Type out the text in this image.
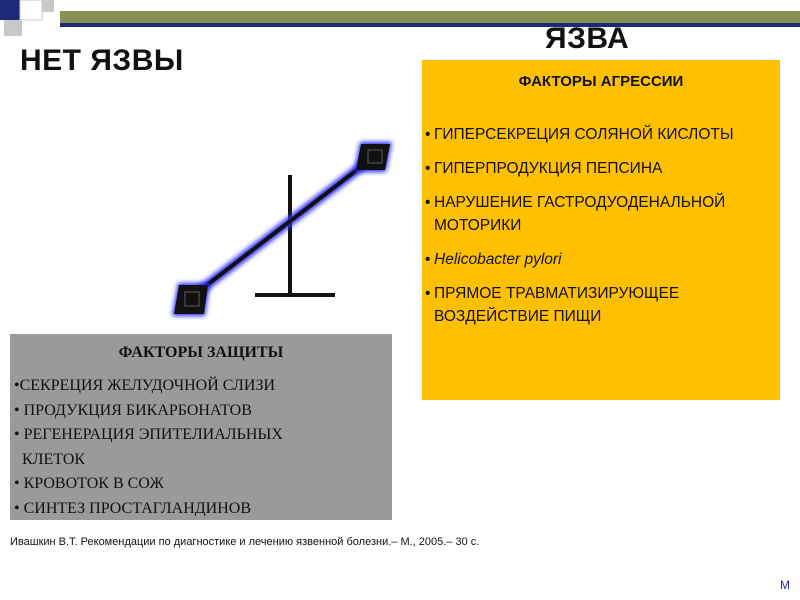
НЕТ ЯЗВЫ
ЯЗВА
ФАКТОРЫ АГРЕССИИ
• ГИПЕРСЕКРЕЦИЯ СОЛЯНОЙ КИСЛОТЫ
• ГИПЕРПРОДУКЦИЯ ПЕПСИНА
• НАРУШЕНИЕ ГАСТРОДУОДЕНАЛЬНОЙ МОТОРИКИ
• Helicobacter pylori
• ПРЯМОЕ ТРАВМАТИЗИРУЮЩЕЕ ВОЗДЕЙСТВИЕ ПИЩИ
ФАКТОРЫ ЗАЩИТЫ
•СЕКРЕЦИЯ ЖЕЛУДОЧНОЙ СЛИЗИ
• ПРОДУКЦИЯ БИКАРБОНАТОВ
• РЕГЕНЕРАЦИЯ ЭПИТЕЛИАЛЬНЫХ
КЛЕТОК
• КРОВОТОК В СОЖ
• СИНТЕЗ ПРОСТАГЛАНДИНОВ
Ивашкин В.Т. Рекомендации по диагностике и лечению язвенной болезни.– М., 2005.– 30 с.
М
